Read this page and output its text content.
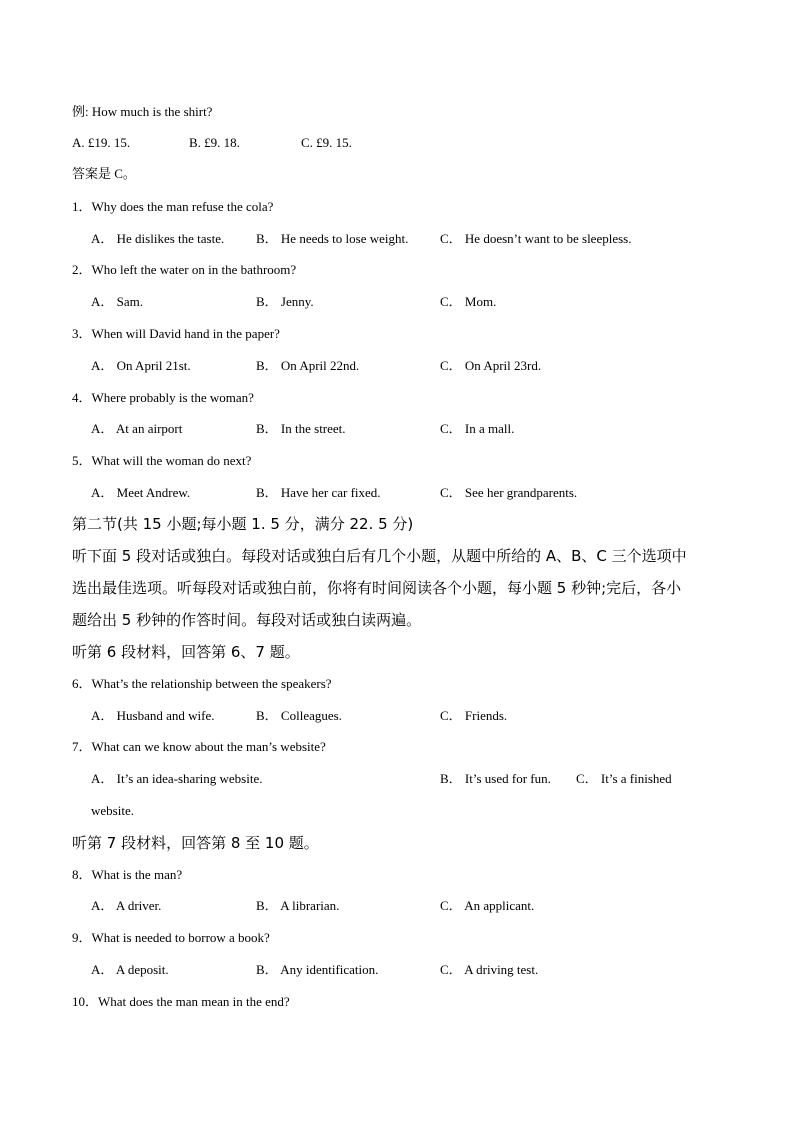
例: How much is the shirt?
A. £19. 15.	B. £9. 18.	C. £9. 15.
答案是 C。
1．Why does the man refuse the cola?
A． He dislikes the taste. B． He needs to lose weight. C． He doesn’t want to be sleepless.
2．Who left the water on in the bathroom?
A． Sam.	B． Jenny.	C． Mom.
3．When will David hand in the paper?
A． On April 21st.	B． On April 22nd.	C． On April 23rd.
4．Where probably is the woman?
A． At an airport	B． In the street.	C． In a mall.
5．What will the woman do next?
A． Meet Andrew.	B． Have her car fixed.	C． See her grandparents.
第二节(共 15 小题;每小题 1. 5 分，满分 22. 5 分)
听下面 5 段对话或独白。每段对话或独白后有几个小题，从题中所给的 A、B、C 三个选项中
选出最佳选项。听每段对话或独白前，你将有时间阅读各个小题，每小题 5 秒钟;完后，各小
题给出 5 秒钟的作答时间。每段对话或独白读两遍。
听第 6 段材料，回答第 6、7 题。
6．What’s the relationship between the speakers?
A． Husband and wife.	B． Colleagues.	C． Friends.
7．What can we know about the man’s website?
A． It’s an idea-sharing website.	B． It’s used for fun. C． It’s a finished
website.
听第 7 段材料，回答第 8 至 10 题。
8．What is the man?
A． A driver.	B． A librarian.	C． An applicant.
9．What is needed to borrow a book?
A． A deposit.	B． Any identification.	C． A driving test.
10．What does the man mean in the end?
